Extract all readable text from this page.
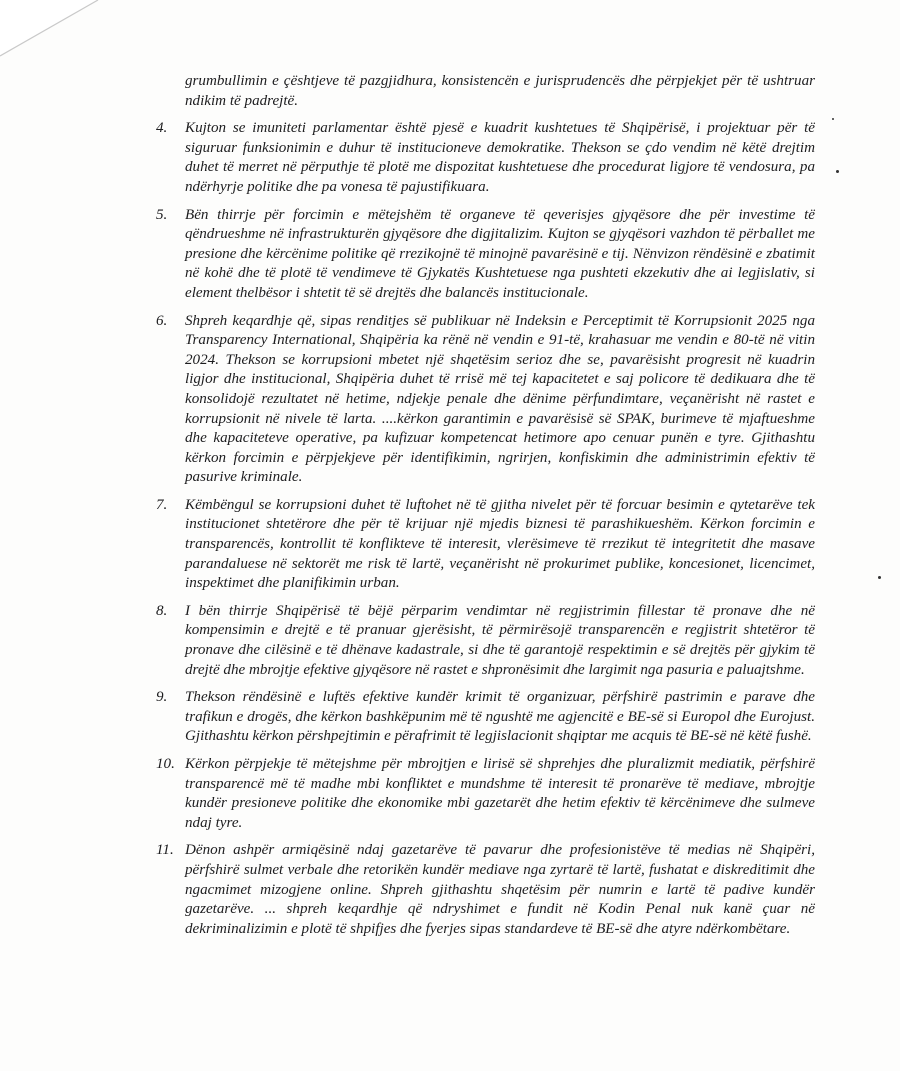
grumbullimin e çështjeve të pazgjidhura, konsistencën e jurisprudencës dhe përpjekjet për të ushtruar ndikim të padrejtë.
4.	Kujton se imuniteti parlamentar është pjesë e kuadrit kushtetues të Shqipërisë, i projektuar për të siguruar funksionimin e duhur të institucioneve demokratike. Thekson se çdo vendim në këtë drejtim duhet të merret në përputhje të plotë me dispozitat kushtetuese dhe procedurat ligjore të vendosura, pa ndërhyrje politike dhe pa vonesa të pajustifikuara.
5.	Bën thirrje për forcimin e mëtejshëm të organeve të qeverisjes gjyqësore dhe për investime të qëndrueshme në infrastrukturën gjyqësore dhe digjitalizim. Kujton se gjyqësori vazhdon të përballet me presione dhe kërcënime politike që rrezikojnë të minojnë pavarësinë e tij. Nënvizon rëndësinë e zbatimit në kohë dhe të plotë të vendimeve të Gjykatës Kushtetuese nga pushteti ekzekutiv dhe ai legjislativ, si element thelbësor i shtetit të së drejtës dhe balancës institucionale.
6.	Shpreh keqardhje që, sipas renditjes së publikuar në Indeksin e Perceptimit të Korrupsionit 2025 nga Transparency International, Shqipëria ka rënë në vendin e 91-të, krahasuar me vendin e 80-të në vitin 2024. Thekson se korrupsioni mbetet një shqetësim serioz dhe se, pavarësisht progresit në kuadrin ligjor dhe institucional, Shqipëria duhet të rrisë më tej kapacitetet e saj policore të dedikuara dhe të konsolidojë rezultatet në hetime, ndjekje penale dhe dënime përfundimtare, veçanërisht në rastet e korrupsionit në nivele të larta. ....kërkon garantimin e pavarësisë së SPAK, burimeve të mjaftueshme dhe kapaciteteve operative, pa kufizuar kompetencat hetimore apo cenuar punën e tyre. Gjithashtu kërkon forcimin e përpjekjeve për identifikimin, ngrirjen, konfiskimin dhe administrimin efektiv të pasurive kriminale.
7.	Këmbëngul se korrupsioni duhet të luftohet në të gjitha nivelet për të forcuar besimin e qytetarëve tek institucionet shtetërore dhe për të krijuar një mjedis biznesi të parashikueshëm. Kërkon forcimin e transparencës, kontrollit të konflikteve të interesit, vlerësimeve të rrezikut të integritetit dhe masave parandaluese në sektorët me risk të lartë, veçanërisht në prokurimet publike, koncesionet, licencimet, inspektimet dhe planifikimin urban.
8.	I bën thirrje Shqipërisë të bëjë përparim vendimtar në regjistrimin fillestar të pronave dhe në kompensimin e drejtë e të pranuar gjerësisht, të përmirësojë transparencën e regjistrit shtetëror të pronave dhe cilësinë e të dhënave kadastrale, si dhe të garantojë respektimin e së drejtës për gjykim të drejtë dhe mbrojtje efektive gjyqësore në rastet e shpronësimit dhe largimit nga pasuria e paluajtshme.
9.	Thekson rëndësinë e luftës efektive kundër krimit të organizuar, përfshirë pastrimin e parave dhe trafikun e drogës, dhe kërkon bashkëpunim më të ngushtë me agjencitë e BE-së si Europol dhe Eurojust. Gjithashtu kërkon përshpejtimin e përafrimit të legjislacionit shqiptar me acquis të BE-së në këtë fushë.
10. Kërkon përpjekje të mëtejshme për mbrojtjen e lirisë së shprehjes dhe pluralizmit mediatik, përfshirë transparencë më të madhe mbi konfliktet e mundshme të interesit të pronarëve të mediave, mbrojtje kundër presioneve politike dhe ekonomike mbi gazetarët dhe hetim efektiv të kërcënimeve dhe sulmeve ndaj tyre.
11. Dënon ashpër armiqësinë ndaj gazetarëve të pavarur dhe profesionistëve të medias në Shqipëri, përfshirë sulmet verbale dhe retorikën kundër mediave nga zyrtarë të lartë, fushatat e diskreditimit dhe ngacmimet mizogjene online. Shpreh gjithashtu shqetësim për numrin e lartë të padive kundër gazetarëve. ... shpreh keqardhje që ndryshimet e fundit në Kodin Penal nuk kanë çuar në dekriminalizimin e plotë të shpifjes dhe fyerjes sipas standardeve të BE-së dhe atyre ndërkombëtare.
